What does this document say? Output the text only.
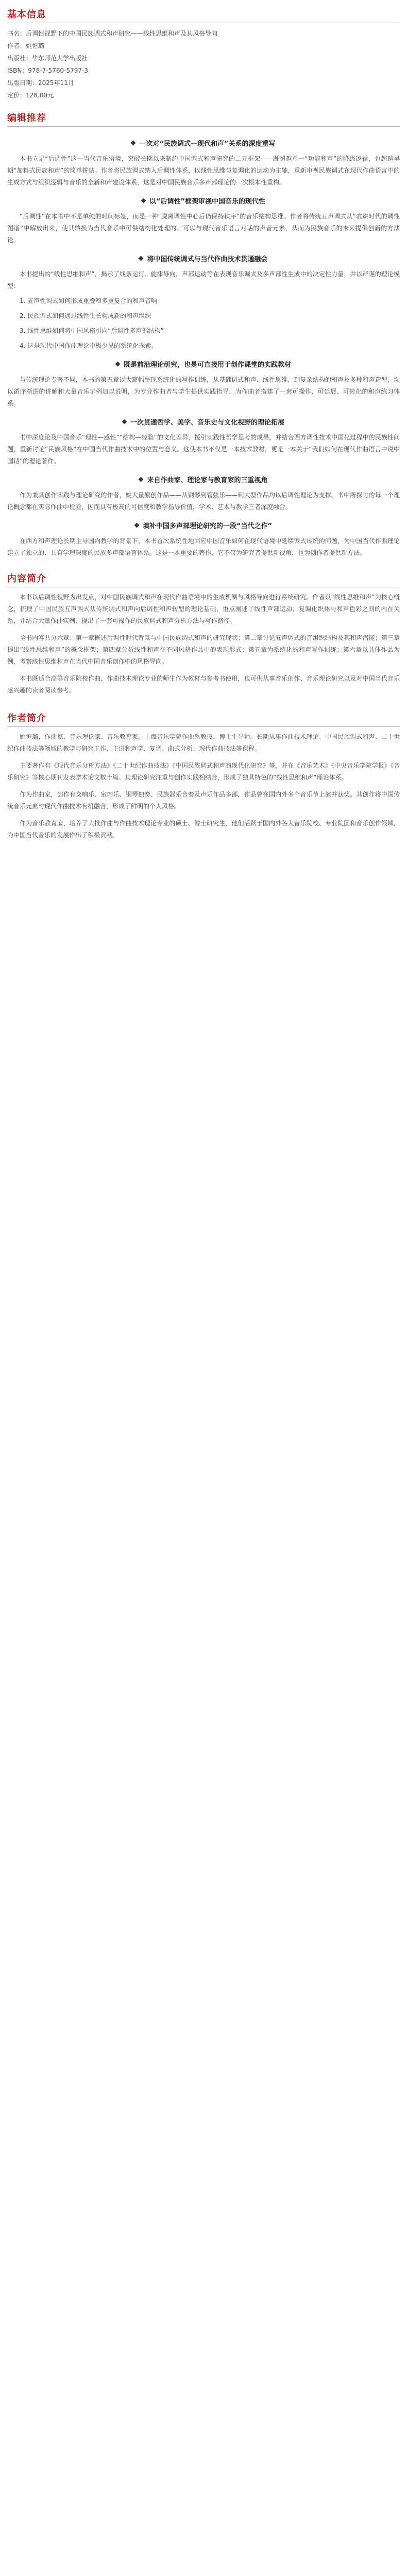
基本信息
书名：后调性视野下的中国民族调式和声研究——线性思维和声及其风格导向
作者：姚恒璐
出版社：华东师范大学出版社
ISBN：978-7-5760-5797-3
出版日期：2025年11月
定价：128.00元
编辑推荐
一次对“民族调式—现代和声”关系的深度重写

本书立足“后调性”这一当代音乐语境，突破长期以来制约中国调式和声研究的二元框架——既超越单一“功能和声”的降级逻辑，也超越早期“加料式民族和声”的简单拼贴。作者将民族调式纳入后调性体系，以线性思维与复调化的运动为主轴，重新审视民族调式在现代作曲语言中的生成方式与组织逻辑与音乐的全新和声建设体系，这是对中国民族音乐多声部理论的一次根本性重构。

以“后调性”框架审视中国音乐的现代性

“后调性”在本书中不是单纯的时间标签，而是一种“脱离调性中心后仍保持秩序”的音乐结构思维。作者将传统五声调式从“农耕时代的调性图谱”中解放出来，使其转换为当代音乐中可供结构化处理的、可以与现代音乐语言对话的声音元素，从而为民族音乐的未来提供创新的方法论。

将中国传统调式与当代作曲技术贯通融会

本书提出的“线性思维和声”，揭示了线条运行、旋律导向、声部运动等在表现音乐调式及多声部性生成中的决定性力量，并以严谨的理论模型：

1. 五声性调式如何形成重叠和多重复合的和声音响

2. 民族调式如何通过线性生长构成新的和声组织

3. 线性思维如何将中国风格引向“后调性多声部结构”

4. 这是现代中国作曲理论中极少见的系统化探索。

既是前沿理论研究，也是可直接用于创作课堂的实践教材

与传统理论专著不同，本书的第五章以大篇幅呈现系统化的写作训练，从基础调式和声、线性思维，到复杂结构的和声及多种和声造型，均以循序渐进的讲解和大量音乐示例加以说明，为专业作曲者与学生提供实践指导，为作曲者搭建了一套可操作、可延展、可转化的和声练习体系。

一次贯通哲学、美学、音乐史与文化视野的理论拓展

书中深度论及中国音乐“理性—感性”“结构—经验”的文化差异，援引实践性哲学思考的成果，并结合西方调性技术中国化过程中的民族性问题，重新讨论“民族风格”在中国当代作曲技术中的位置与意义。这使本书不仅是一本技术教材，更是一本关于“我们如何在现代作曲语言中说中国话”的理论著作。

来自作曲家、理论家与教育家的三重视角

作为兼具创作实践与理论研究的作者，姚大量原创作品——从钢琴到管弦乐——到大型作品均以后调性理论为支撑。书中所探讨的每一个理论概念都在实际作曲中检验，因而具有极高的可信度和教学指导价值，学术、艺术与教学三者深度融合。

填补中国多声部理论研究的一段“当代之作”

在西方和声理论长期主导国内教学的背景下，本书首次系统性地回应中国音乐如何在现代语境中延续调式传统的问题，为中国当代作曲理论建立了独立的、具有学理深度的民族多声部语言体系。这是一本重要的著作，它不仅为研究者提供新视角，也为创作者提供新方法。

内容简介

本书以后调性视野为出发点，对中国民族调式和声在现代作曲语境中的生成机制与风格导向进行系统研究。作者以“线性思维和声”为核心概念，梳理了中国民族五声调式从传统调式和声向后调性和声转型的理论基础，重点阐述了线性声部运动、复调化织体与和声色彩之间的内在关系，并结合大量作曲实例，提出了一套可操作的民族调式和声分析方法与写作路径。

全书内容共分六章：第一章概述后调性时代背景与中国民族调式和声的研究现状；第二章讨论五声调式的音组织结构及其和声潜能；第三章提出“线性思维和声”的概念框架；第四章分析线性和声在不同风格作品中的表现形式；第五章为系统化的和声写作训练；第六章以具体作品为例，考察线性思维和声在当代中国音乐创作中的风格导向。

本书既适合高等音乐院校作曲、作曲技术理论专业的师生作为教材与参考书使用，也可供从事音乐创作、音乐理论研究以及对中国当代音乐感兴趣的读者阅读参考。

作者简介

姚恒璐，作曲家、音乐理论家、音乐教育家。上海音乐学院作曲系教授、博士生导师。长期从事作曲技术理论、中国民族调式和声、二十世纪作曲技法等领域的教学与研究工作，主讲和声学、复调、曲式分析、现代作曲技法等课程。

主要著作有《现代音乐分析方法》《二十世纪作曲技法》《中国民族调式和声的现代化研究》等，并在《音乐艺术》《中央音乐学院学报》《音乐研究》等核心期刊发表学术论文数十篇。其理论研究注重与创作实践相结合，形成了独具特色的“线性思维和声”理论体系。

作为作曲家，创作有交响乐、室内乐、钢琴独奏、民族器乐合奏及声乐作品多部，作品曾在国内外多个音乐节上演并获奖。其创作将中国传统音乐元素与现代作曲技术有机融合，形成了鲜明的个人风格。

作为音乐教育家，培养了大批作曲与作曲技术理论专业的硕士、博士研究生，他们活跃于国内外各大音乐院校、专业院团和音乐创作领域，为中国当代音乐的发展作出了积极贡献。
